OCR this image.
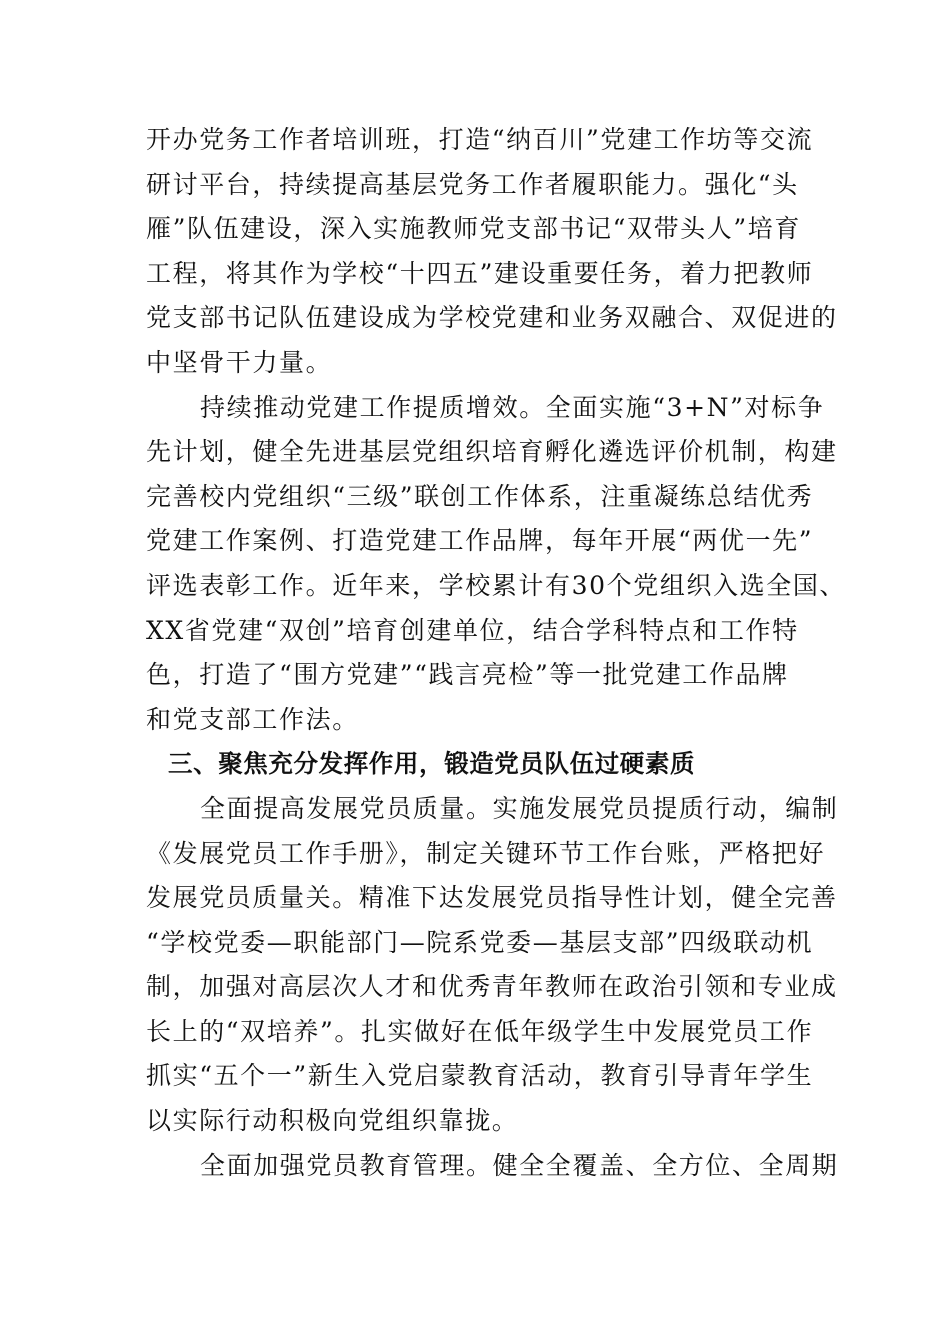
开办党务工作者培训班，打造“纳百川”党建工作坊等交流
研讨平台，持续提高基层党务工作者履职能力。强化“头
雁”队伍建设，深入实施教师党支部书记“双带头人”培育
工程，将其作为学校“十四五”建设重要任务，着力把教师
党支部书记队伍建设成为学校党建和业务双融合、双促进的
中坚骨干力量。
持续推动党建工作提质增效。全面实施“3+N”对标争
先计划，健全先进基层党组织培育孵化遴选评价机制，构建
完善校内党组织“三级”联创工作体系，注重凝练总结优秀
党建工作案例、打造党建工作品牌，每年开展“两优一先”
评选表彰工作。近年来，学校累计有30个党组织入选全国、
XX省党建“双创”培育创建单位，结合学科特点和工作特
色，打造了“围方党建”“践言亮检”等一批党建工作品牌
和党支部工作法。
三、聚焦充分发挥作用，锻造党员队伍过硬素质
全面提高发展党员质量。实施发展党员提质行动，编制
《发展党员工作手册》，制定关键环节工作台账，严格把好
发展党员质量关。精准下达发展党员指导性计划，健全完善
“学校党委—职能部门—院系党委—基层支部”四级联动机
制，加强对高层次人才和优秀青年教师在政治引领和专业成
长上的“双培养”。扎实做好在低年级学生中发展党员工作
抓实“五个一”新生入党启蒙教育活动，教育引导青年学生
以实际行动积极向党组织靠拢。
全面加强党员教育管理。健全全覆盖、全方位、全周期
